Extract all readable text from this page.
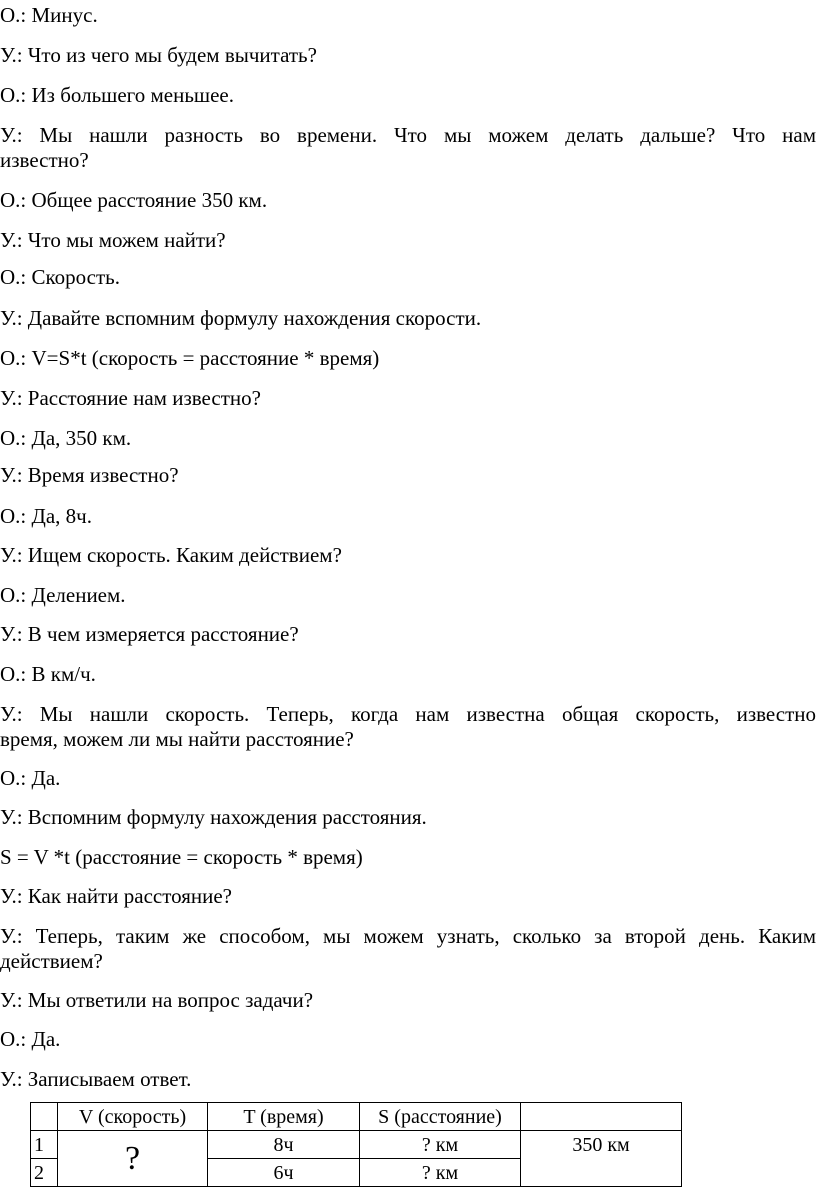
О.: Минус.
У.: Что из чего мы будем вычитать?
О.: Из большего меньшее.
У.: Мы нашли разность во времени. Что мы можем делать дальше? Что нам
известно?
О.: Общее расстояние 350 км.
У.: Что мы можем найти?
О.: Скорость.
У.: Давайте вспомним формулу нахождения скорости.
О.: V=S*t (скорость = расстояние * время)
У.: Расстояние нам известно?
О.: Да, 350 км.
У.: Время известно?
О.: Да, 8ч.
У.: Ищем скорость. Каким действием?
О.: Делением.
У.: В чем измеряется расстояние?
О.: В км/ч.
У.: Мы нашли скорость. Теперь, когда нам известна общая скорость, известно
время, можем ли мы найти расстояние?
О.: Да.
У.: Вспомним формулу нахождения расстояния.
S = V *t (расстояние = скорость * время)
У.: Как найти расстояние?
У.: Теперь, таким же способом, мы можем узнать, сколько за второй день. Каким
действием?
У.: Мы ответили на вопрос задачи?
О.: Да.
У.: Записываем ответ.
	V (скорость)	T (время)	S (расстояние)	
1	?	8ч	? км	350 км
2		6ч	? км	
